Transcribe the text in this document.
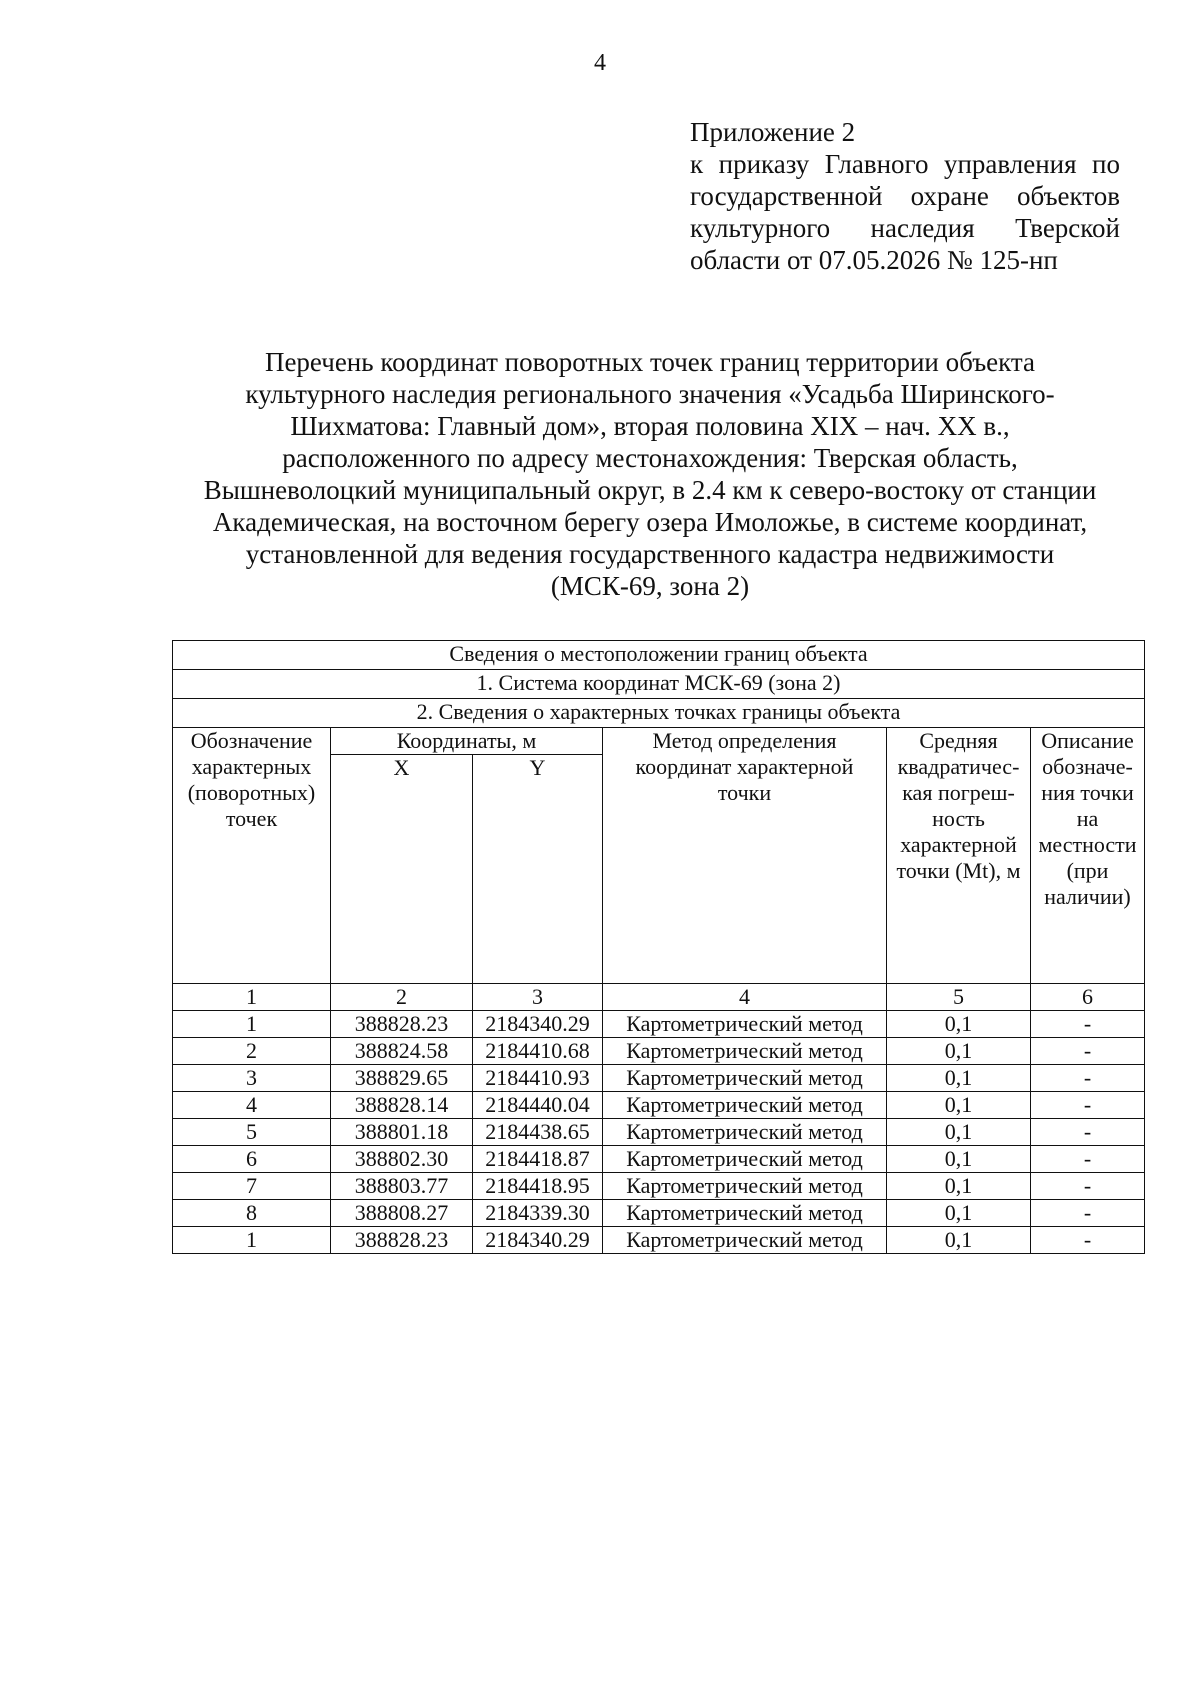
4
Приложение 2
к приказу Главного управления по
государственной охране объектов
культурного наследия Тверской
области от 07.05.2026 № 125-нп
Перечень координат поворотных точек границ территории объекта
культурного наследия регионального значения «Усадьба Ширинского-
Шихматова: Главный дом», вторая половина XIX – нач. XX в.,
расположенного по адресу местонахождения: Тверская область,
Вышневолоцкий муниципальный округ, в 2.4 км к северо-востоку от станции
Академическая, на восточном берегу озера Имоложье, в системе координат,
установленной для ведения государственного кадастра недвижимости
(МСК-69, зона 2)
Сведения о местоположении границ объекта					
1. Система координат МСК-69 (зона 2)					
2. Сведения о характерных точках границы объекта					
Обозначение характерных (поворотных) точек	Координаты, м		Метод определения координат характерной точки	Средняя квадратичес-кая погреш-ность характерной точки (Mt), м	Описание обозначе-ния точки на местности (при наличии)
	X	Y			
1	2	3	4	5	6
1	388828.23	2184340.29	Картометрический метод	0,1	-
2	388824.58	2184410.68	Картометрический метод	0,1	-
3	388829.65	2184410.93	Картометрический метод	0,1	-
4	388828.14	2184440.04	Картометрический метод	0,1	-
5	388801.18	2184438.65	Картометрический метод	0,1	-
6	388802.30	2184418.87	Картометрический метод	0,1	-
7	388803.77	2184418.95	Картометрический метод	0,1	-
8	388808.27	2184339.30	Картометрический метод	0,1	-
1	388828.23	2184340.29	Картометрический метод	0,1	-
